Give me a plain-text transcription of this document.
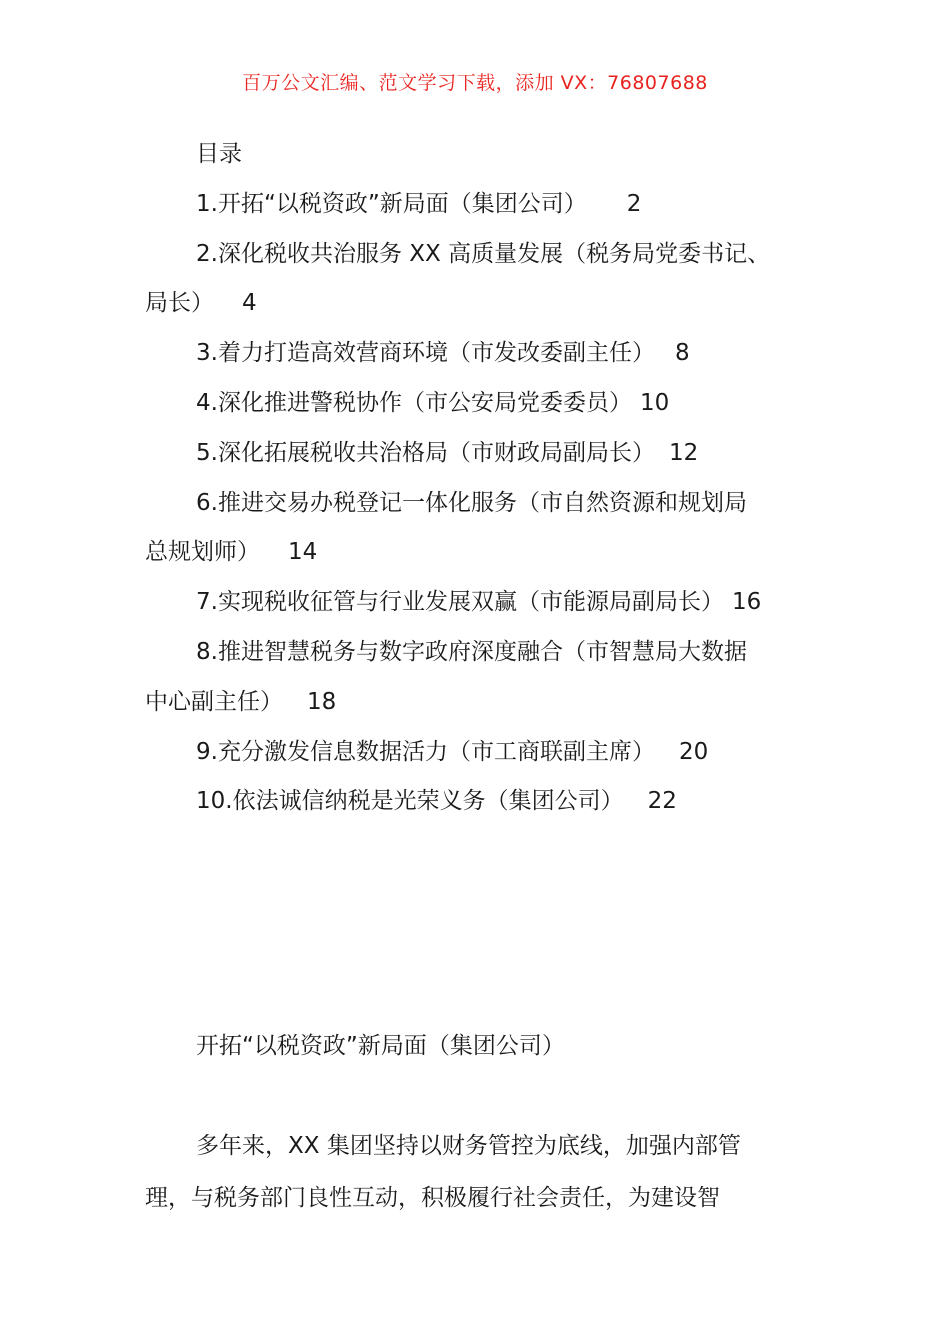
百万公文汇编、范文学习下载，添加 VX：76807688
目录
1.开拓“以税资政”新局面（集团公司） 2
2.深化税收共治服务 XX 高质量发展（税务局党委书记、
局长） 4
3.着力打造高效营商环境（市发改委副主任） 8
4.深化推进警税协作（市公安局党委委员） 10
5.深化拓展税收共治格局（市财政局副局长） 12
6.推进交易办税登记一体化服务（市自然资源和规划局
总规划师） 14
7.实现税收征管与行业发展双赢（市能源局副局长） 16
8.推进智慧税务与数字政府深度融合（市智慧局大数据
中心副主任） 18
9.充分激发信息数据活力（市工商联副主席） 20
10.依法诚信纳税是光荣义务（集团公司） 22
开拓“以税资政”新局面（集团公司）
多年来，XX 集团坚持以财务管控为底线，加强内部管
理，与税务部门良性互动，积极履行社会责任，为建设智
